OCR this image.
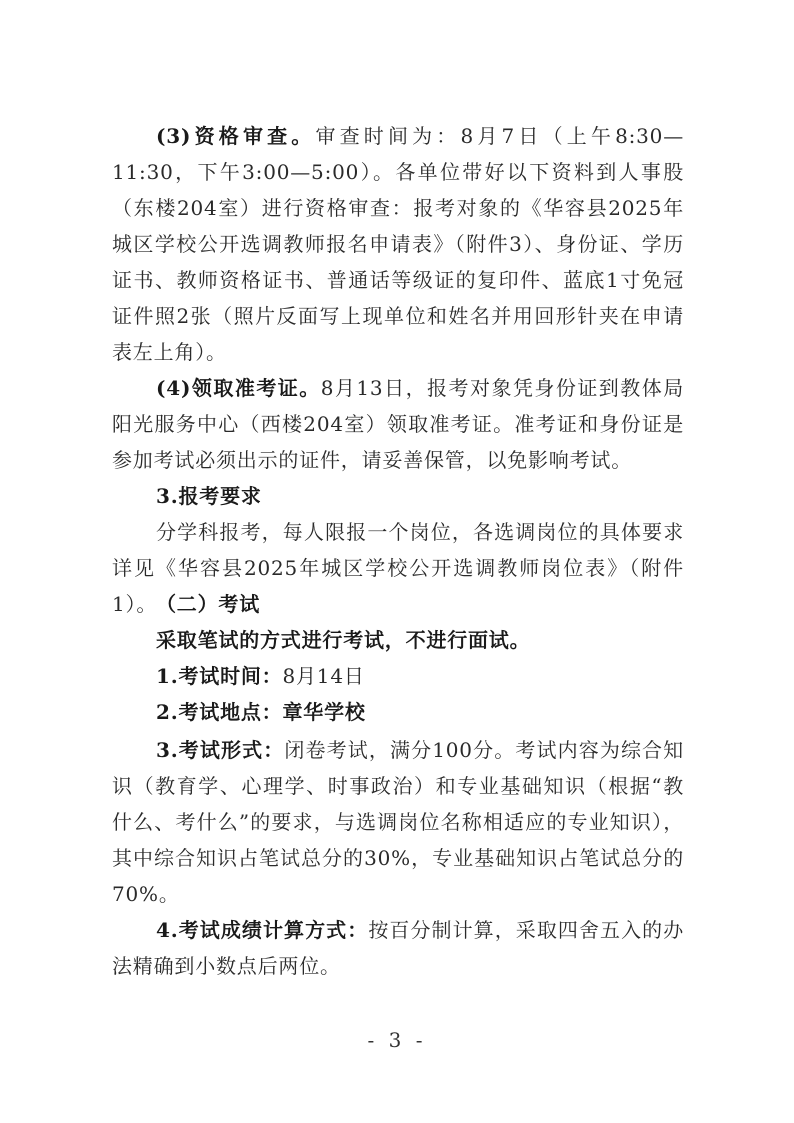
(3)资格审查。审查时间为：8月7日（上午8:30—11:30，下午3:00—5:00）。各单位带好以下资料到人事股（东楼204室）进行资格审查：报考对象的《华容县2025年城区学校公开选调教师报名申请表》（附件3）、身份证、学历证书、教师资格证书、普通话等级证的复印件、蓝底1寸免冠证件照2张（照片反面写上现单位和姓名并用回形针夹在申请表左上角）。

(4)领取准考证。8月13日，报考对象凭身份证到教体局阳光服务中心（西楼204室）领取准考证。准考证和身份证是参加考试必须出示的证件，请妥善保管，以免影响考试。

3.报考要求

分学科报考，每人限报一个岗位，各选调岗位的具体要求详见《华容县2025年城区学校公开选调教师岗位表》（附件1）。

（二）考试

采取笔试的方式进行考试，不进行面试。

1.考试时间：8月14日

2.考试地点：章华学校

3.考试形式：闭卷考试，满分100分。考试内容为综合知识（教育学、心理学、时事政治）和专业基础知识（根据“教什么、考什么”的要求，与选调岗位名称相适应的专业知识），其中综合知识占笔试总分的30%，专业基础知识占笔试总分的70%。

4.考试成绩计算方式：按百分制计算，采取四舍五入的办法精确到小数点后两位。

- 3 -
